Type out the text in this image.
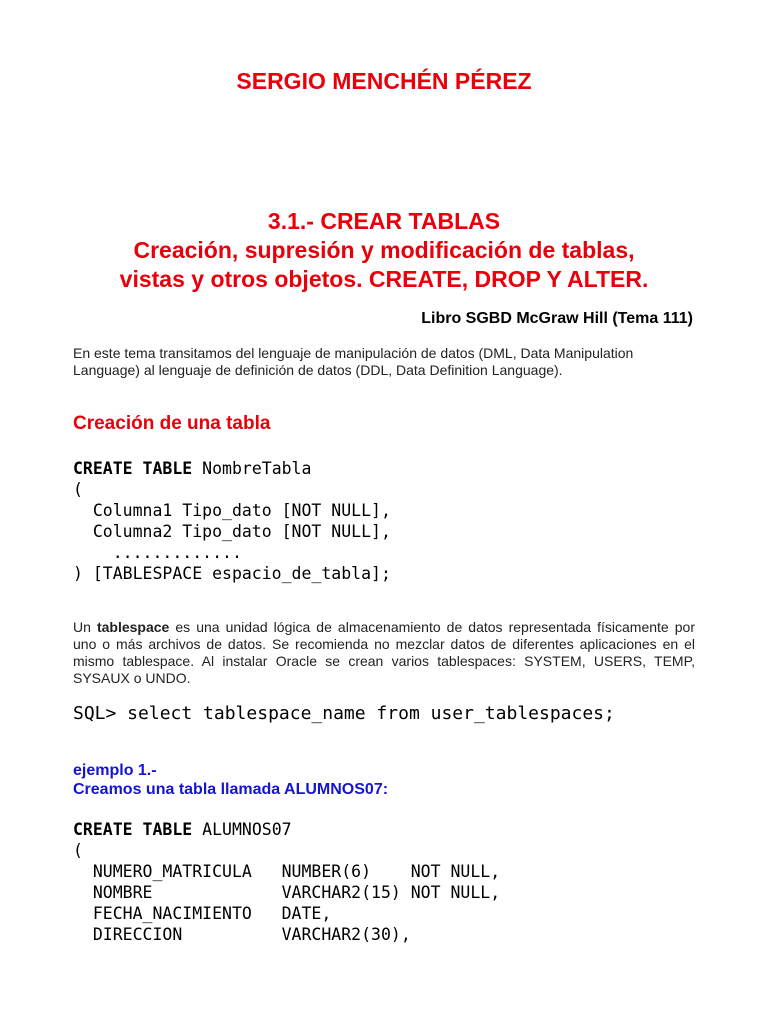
SERGIO MENCHÉN PÉREZ
3.1.- CREAR TABLAS
Creación, supresión y modificación de tablas,
vistas y otros objetos. CREATE, DROP Y ALTER.
Libro SGBD McGraw Hill (Tema 111)
En este tema transitamos del lenguaje de manipulación de datos (DML, Data Manipulation Language) al lenguaje de definición de datos (DDL, Data Definition Language).
Creación de una tabla
CREATE TABLE NombreTabla
(
Columna1 Tipo_dato [NOT NULL],
Columna2 Tipo_dato [NOT NULL],
.............
) [TABLESPACE espacio_de_tabla];
Un tablespace es una unidad lógica de almacenamiento de datos representada físicamente por uno o más archivos de datos. Se recomienda no mezclar datos de diferentes aplicaciones en el mismo tablespace. Al instalar Oracle se crean varios tablespaces: SYSTEM, USERS, TEMP, SYSAUX o UNDO.
SQL> select tablespace_name from user_tablespaces;
ejemplo 1.-
Creamos una tabla llamada ALUMNOS07:
CREATE TABLE ALUMNOS07
(
NUMERO_MATRICULA   NUMBER(6)    NOT NULL,
NOMBRE             VARCHAR2(15) NOT NULL,
FECHA_NACIMIENTO   DATE,
DIRECCION          VARCHAR2(30),
